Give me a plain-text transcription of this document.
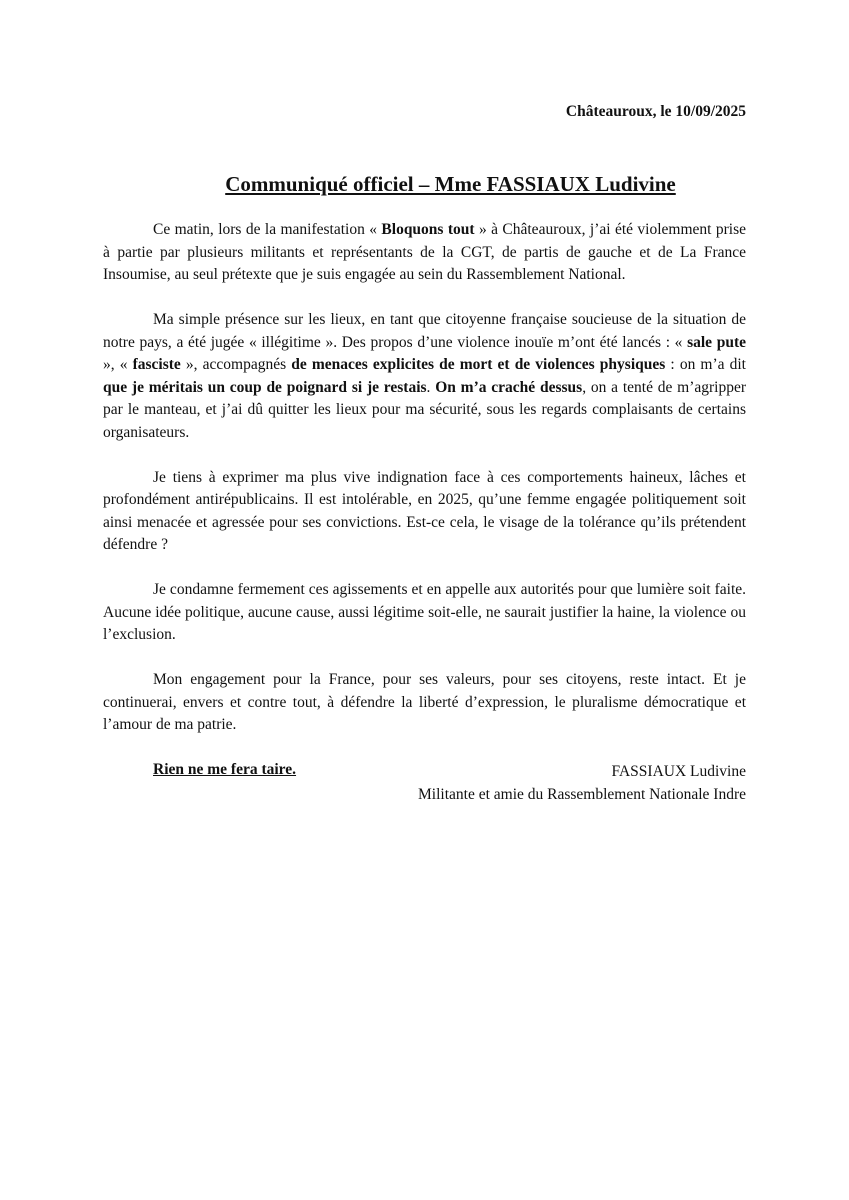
Châteauroux, le 10/09/2025
Communiqué officiel – Mme FASSIAUX Ludivine

Ce matin, lors de la manifestation « Bloquons tout » à Châteauroux, j’ai été violemment prise à partie par plusieurs militants et représentants de la CGT, de partis de gauche et de La France Insoumise, au seul prétexte que je suis engagée au sein du Rassemblement National.

Ma simple présence sur les lieux, en tant que citoyenne française soucieuse de la situation de notre pays, a été jugée « illégitime ». Des propos d’une violence inouïe m’ont été lancés : « sale pute », « fasciste », accompagnés de menaces explicites de mort et de violences physiques : on m’a dit que je méritais un coup de poignard si je restais. On m’a craché dessus, on a tenté de m’agripper par le manteau, et j’ai dû quitter les lieux pour ma sécurité, sous les regards complaisants de certains organisateurs.

Je tiens à exprimer ma plus vive indignation face à ces comportements haineux, lâches et profondément antirépublicains. Il est intolérable, en 2025, qu’une femme engagée politiquement soit ainsi menacée et agressée pour ses convictions. Est-ce cela, le visage de la tolérance qu’ils prétendent défendre ?

Je condamne fermement ces agissements et en appelle aux autorités pour que lumière soit faite. Aucune idée politique, aucune cause, aussi légitime soit-elle, ne saurait justifier la haine, la violence ou l’exclusion.

Mon engagement pour la France, pour ses valeurs, pour ses citoyens, reste intact. Et je continuerai, envers et contre tout, à défendre la liberté d’expression, le pluralisme démocratique et l’amour de ma patrie.

Rien ne me fera taire.	FASSIAUX Ludivine
Militante et amie du Rassemblement Nationale Indre
